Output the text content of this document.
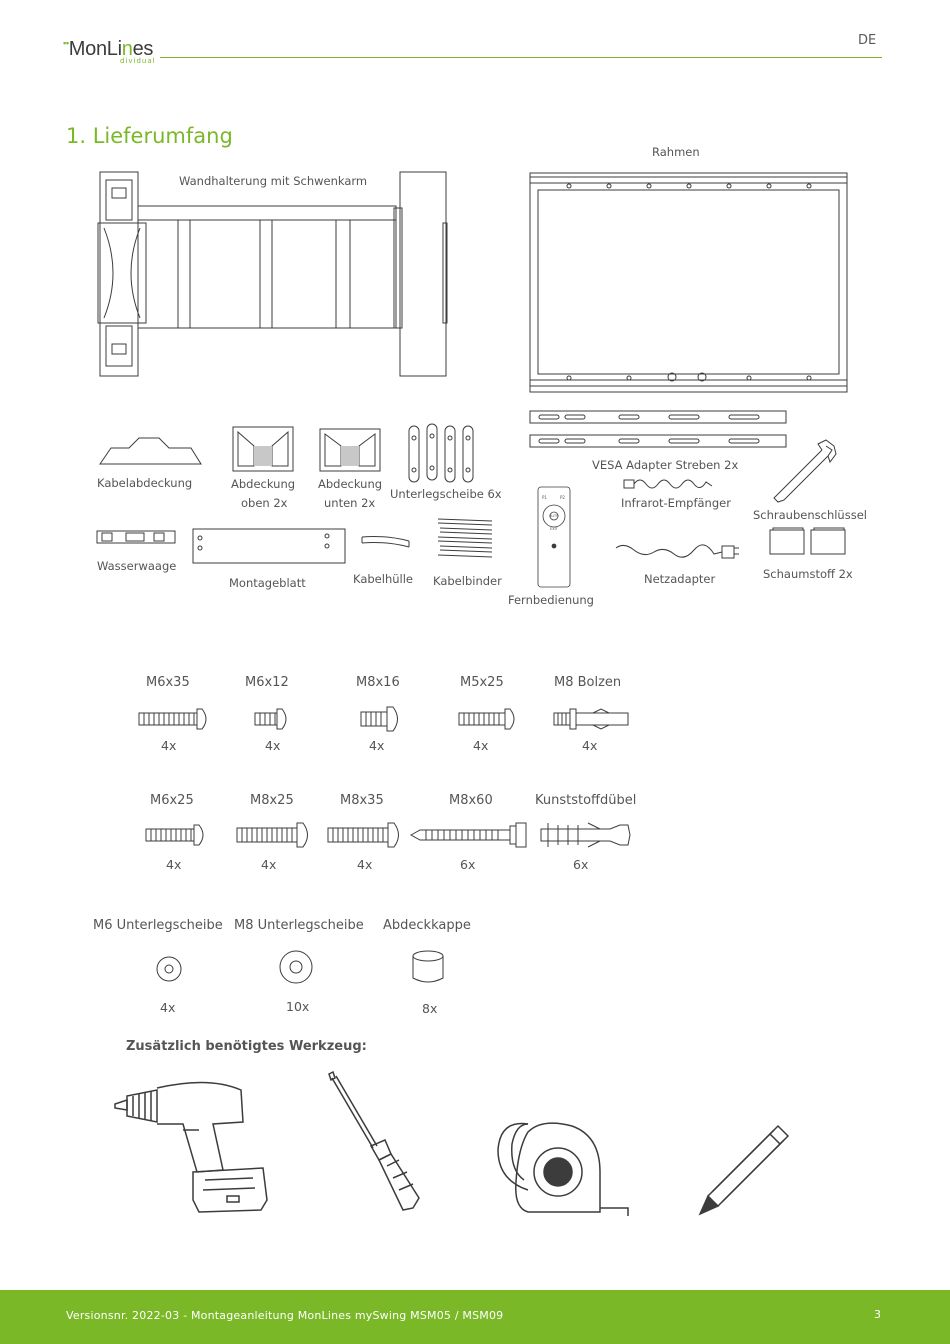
▪▪MonLines
dividual
DE
1. Lieferumfang
Wandhalterung mit Schwenkarm
Rahmen
Kabelabdeckung	Abdeckung
oben 2x
Abdeckung
unten 2x
Unterlegscheibe 6x
VESA Adapter Streben 2x
Infrarot-Empfänger
Schraubenschlüssel
Wasserwaage
Montageblatt	Kabelhülle Kabelbinder
P1	P2
AUTO
EXIT
Fernbedienung
Netzadapter	Schaumstoff 2x
M6x35
4x
M6x12
4x
M8x16
4x
M5x25
4x
M8 Bolzen
4x
M6x25
4x
M8x25
4x
M8x35
4x
M8x60
6x
Kunststoffdübel
6x
M6 Unterlegscheibe
4x
M8 Unterlegscheibe
10x
Abdeckkappe
8x
Zusätzlich benötigtes Werkzeug:
Versionsnr. 2022-03 - Montageanleitung MonLines mySwing MSM05 / MSM09	3
